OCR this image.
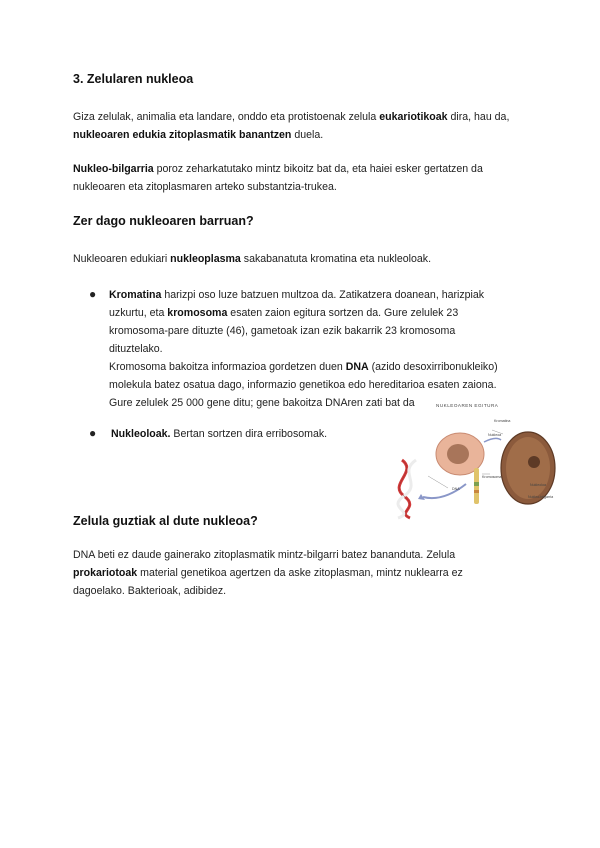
3. Zelularen nukleoa
Giza zelulak, animalia eta landare, onddo eta protistoenak zelula eukariotikoak dira, hau da,
nukleoaren edukia zitoplasmatik banantzen duela.
Nukleo-bilgarria poroz zeharkatutako mintz bikoitz bat da, eta haiei esker gertatzen da
nukleoaren eta zitoplasmaren arteko substantzia-trukea.
Zer dago nukleoaren barruan?
Nukleoaren edukiari nukleoplasma sakabanatuta kromatina eta nukleoloak.
● Kromatina harizpi oso luze batzuen multzoa da. Zatikatzera doanean, harizpiak
uzkurtu, eta kromosoma esaten zaion egitura sortzen da. Gure zelulek 23
kromosoma-pare dituzte (46), gametoak izan ezik bakarrik 23 kromosoma
dituztelako.
Kromosoma bakoitza informazioa gordetzen duen DNA (azido desoxirribonukleiko)
molekula batez osatua dago, informazio genetikoa edo hereditarioa esaten zaiona.
Gure zelulek 25 000 gene ditu; gene bakoitza DNAren zati bat da
● Nukleoloak. Bertan sortzen dira erribosomak.	Nukleoa
Kromatina
Kromosoma
DNA
Nukleoloa
Nukleo-bilgarria
NUKLEOAREN EGITURA
Zelula guztiak al dute nukleoa?
DNA beti ez daude gainerako zitoplasmatik mintz-bilgarri batez bananduta. Zelula
prokariotoak material genetikoa agertzen da aske zitoplasman, mintz nuklearra ez
dagoelako. Bakterioak, adibidez.
